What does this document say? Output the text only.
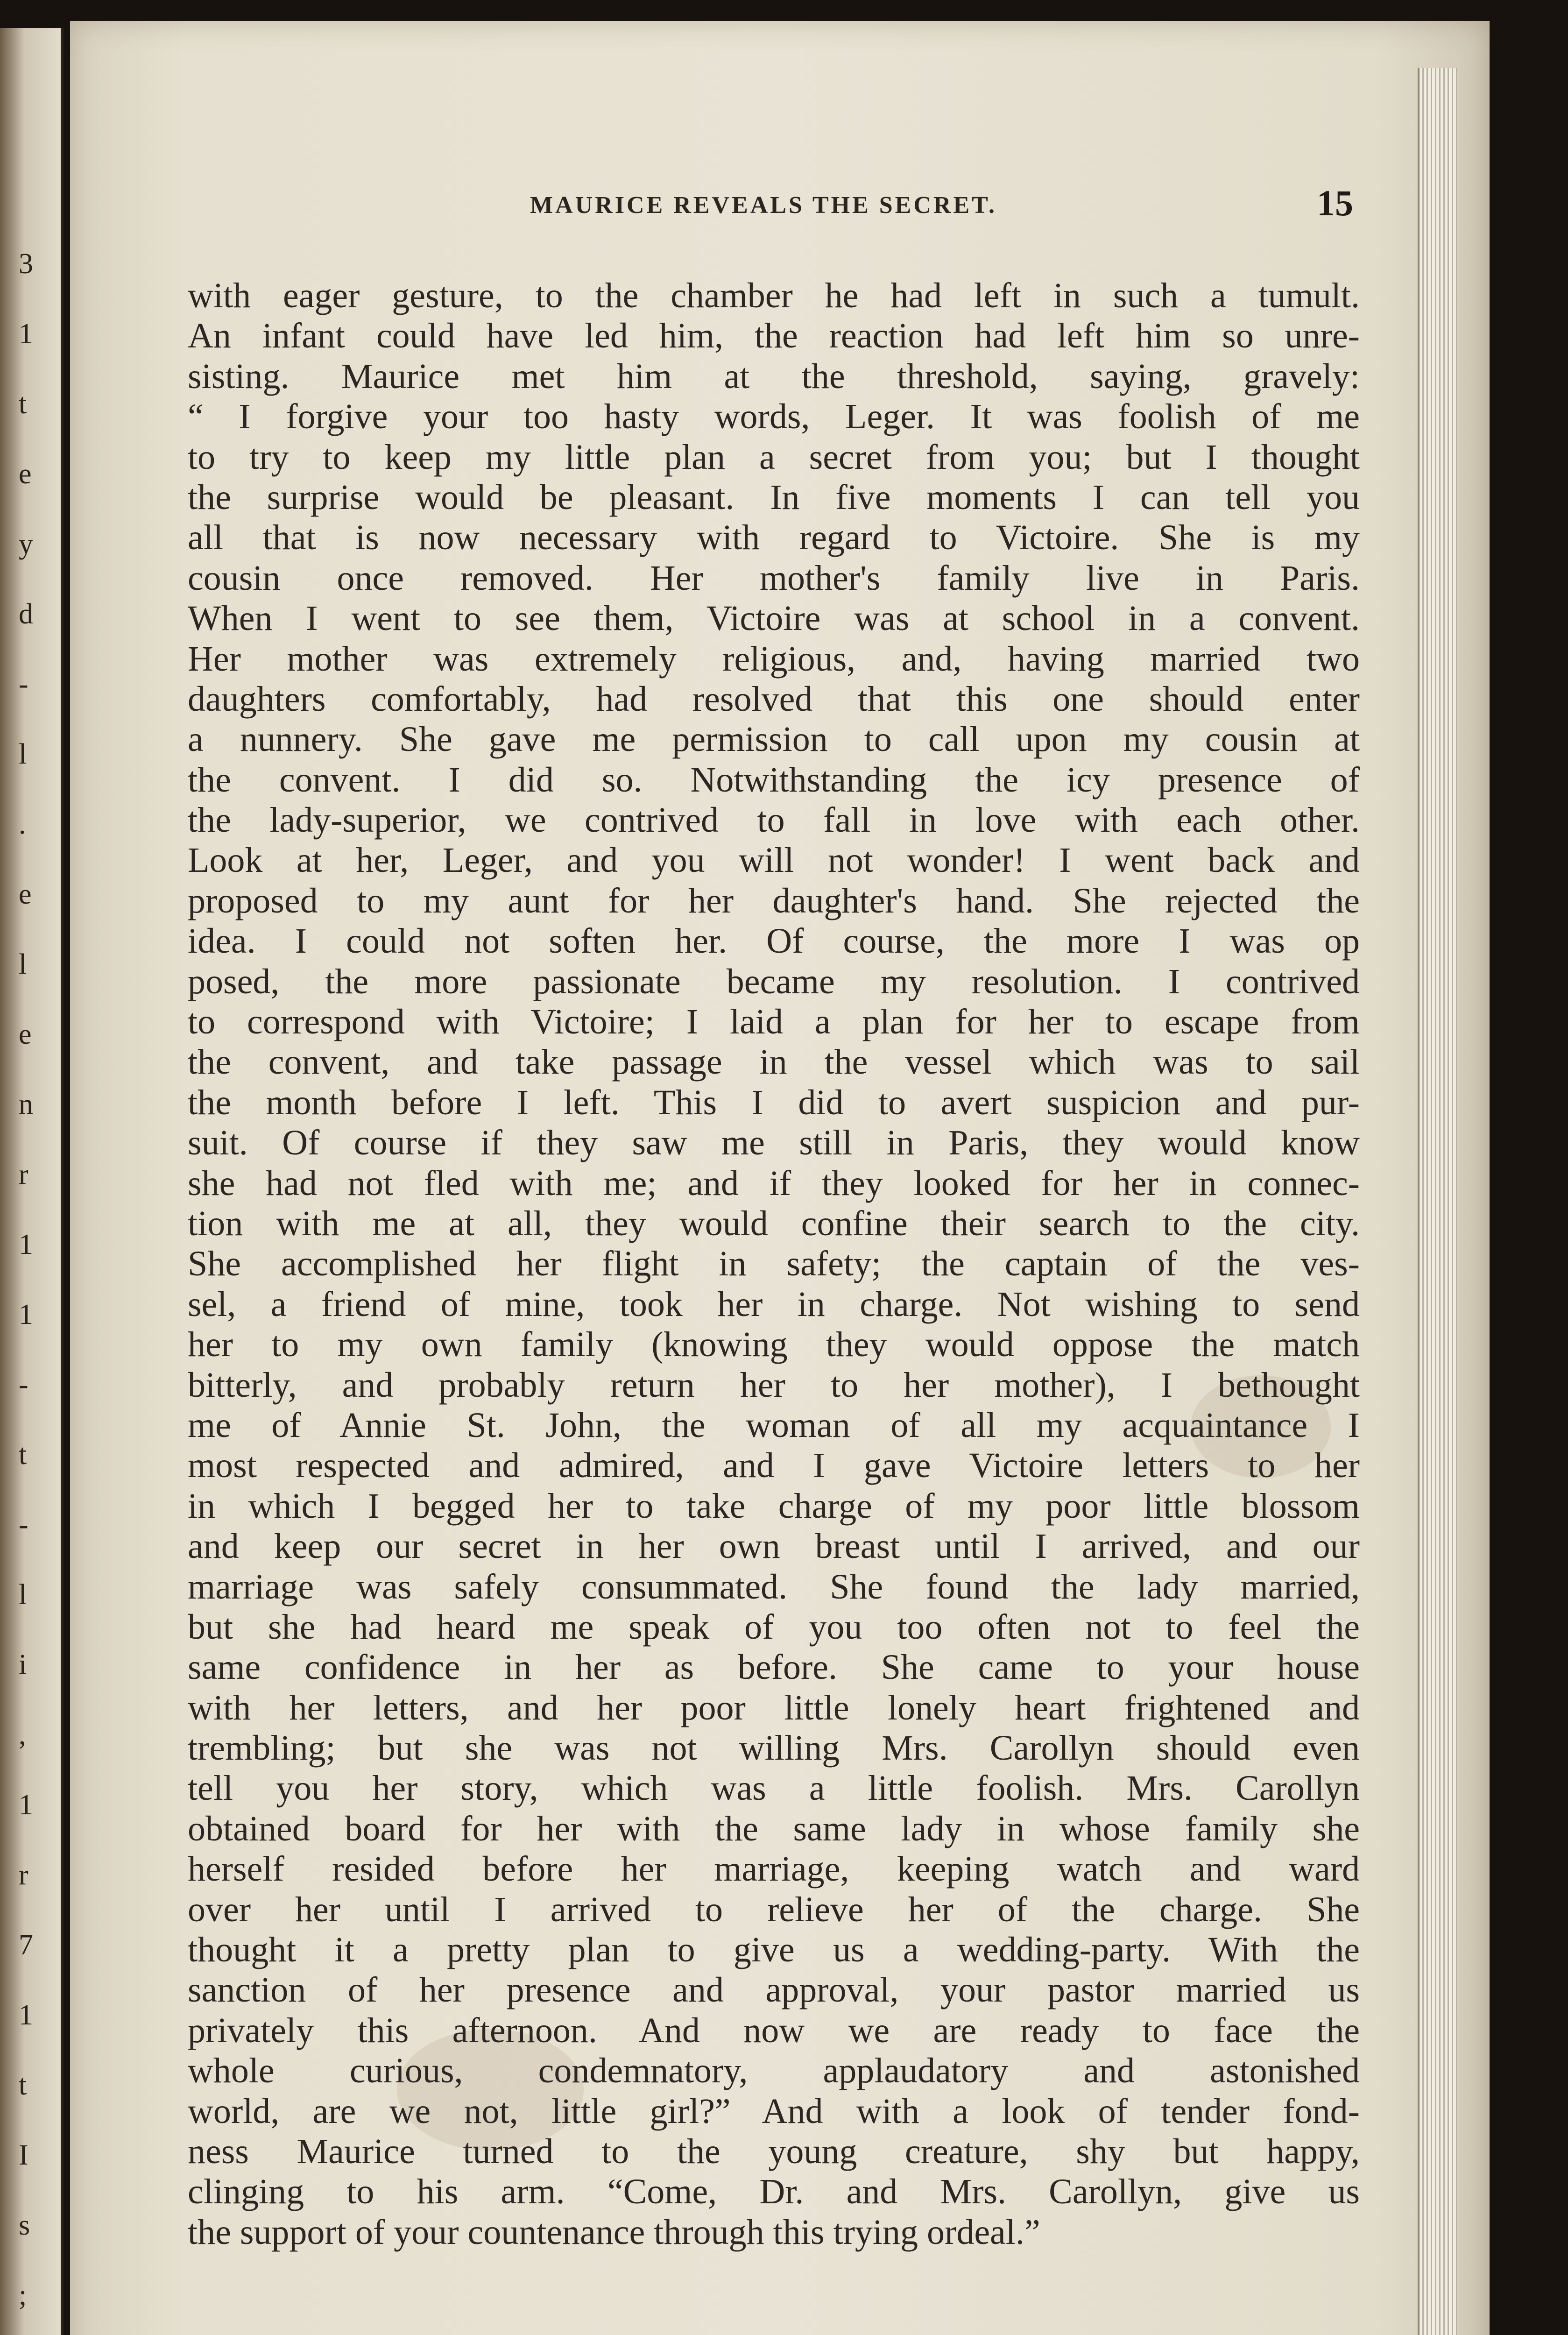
3
1
t
e
y
d
-
l
.
e
l
e
n
r
1
1
-
t
-
l
i
,
1
r
7
1
t
I
s
;
MAURICE REVEALS THE SECRET.	15
with eager gesture, to the chamber he had left in such a tumult.
An infant could have led him, the reaction had left him so unre-
sisting. Maurice met him at the threshold, saying, gravely:
“ I forgive your too hasty words, Leger. It was foolish of me
to try to keep my little plan a secret from you; but I thought
the surprise would be pleasant. In five moments I can tell you
all that is now necessary with regard to Victoire. She is my
cousin once removed. Her mother's family live in Paris.
When I went to see them, Victoire was at school in a convent.
Her mother was extremely religious, and, having married two
daughters comfortably, had resolved that this one should enter
a nunnery. She gave me permission to call upon my cousin at
the convent. I did so. Notwithstanding the icy presence of
the lady-superior, we contrived to fall in love with each other.
Look at her, Leger, and you will not wonder! I went back and
proposed to my aunt for her daughter's hand. She rejected the
idea. I could not soften her. Of course, the more I was op
posed, the more passionate became my resolution. I contrived
to correspond with Victoire; I laid a plan for her to escape from
the convent, and take passage in the vessel which was to sail
the month before I left. This I did to avert suspicion and pur-
suit. Of course if they saw me still in Paris, they would know
she had not fled with me; and if they looked for her in connec-
tion with me at all, they would confine their search to the city.
She accomplished her flight in safety; the captain of the ves-
sel, a friend of mine, took her in charge. Not wishing to send
her to my own family (knowing they would oppose the match
bitterly, and probably return her to her mother), I bethought
me of Annie St. John, the woman of all my acquaintance I
most respected and admired, and I gave Victoire letters to her
in which I begged her to take charge of my poor little blossom
and keep our secret in her own breast until I arrived, and our
marriage was safely consummated. She found the lady married,
but she had heard me speak of you too often not to feel the
same confidence in her as before. She came to your house
with her letters, and her poor little lonely heart frightened and
trembling; but she was not willing Mrs. Carollyn should even
tell you her story, which was a little foolish. Mrs. Carollyn
obtained board for her with the same lady in whose family she
herself resided before her marriage, keeping watch and ward
over her until I arrived to relieve her of the charge. She
thought it a pretty plan to give us a wedding-party. With the
sanction of her presence and approval, your pastor married us
privately this afternoon. And now we are ready to face the
whole curious, condemnatory, applaudatory and astonished
world, are we not, little girl?” And with a look of tender fond-
ness Maurice turned to the young creature, shy but happy,
clinging to his arm. “Come, Dr. and Mrs. Carollyn, give us
the support of your countenance through this trying ordeal.”
